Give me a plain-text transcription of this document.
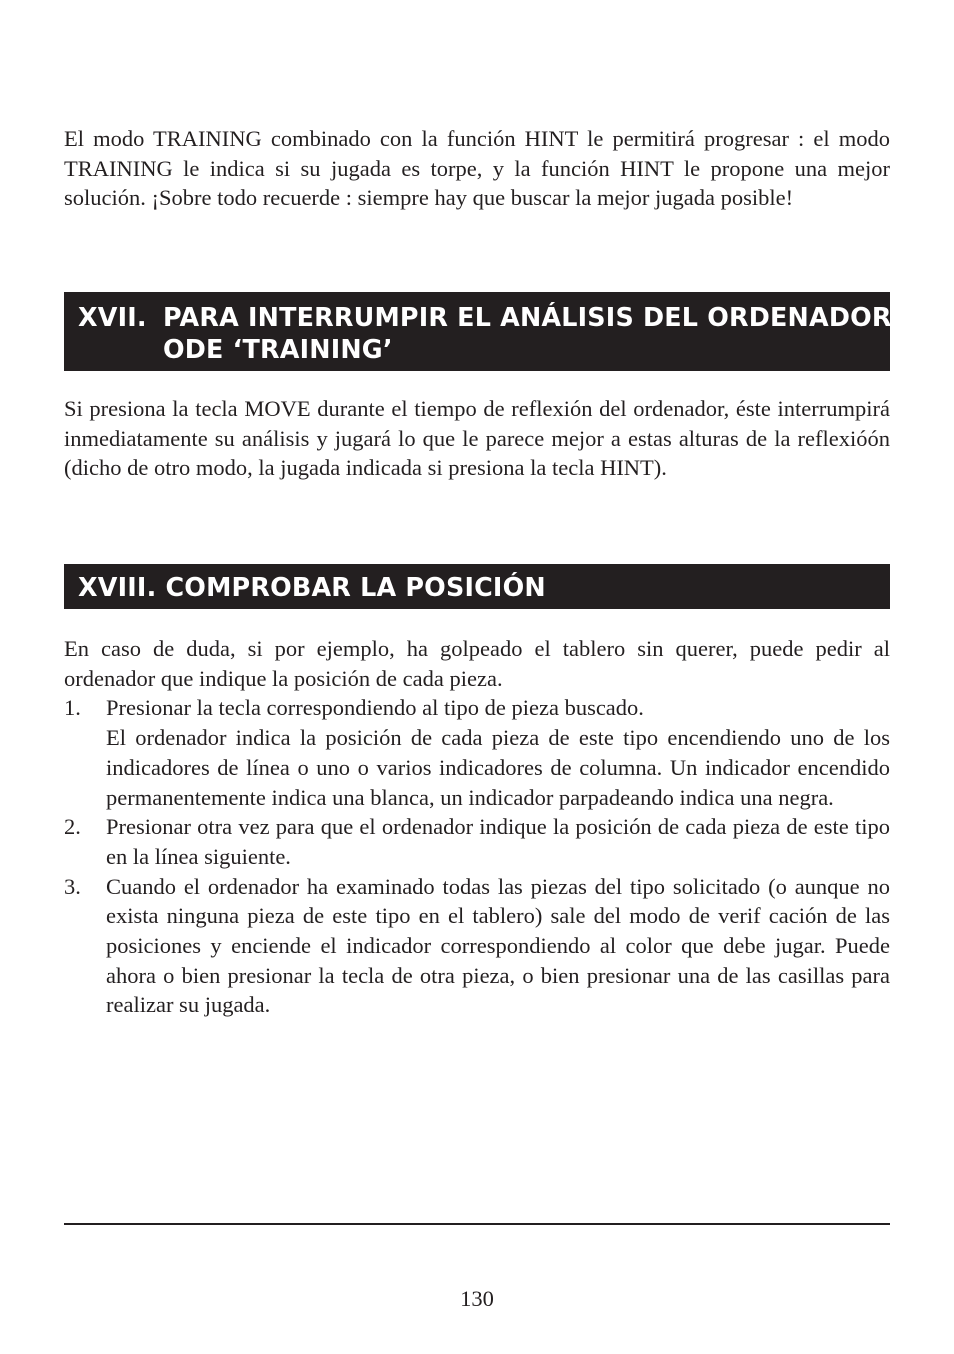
El modo TRAINING combinado con la función HINT le permitirá progresar : el modo TRAINING le indica si su jugada es torpe, y la función HINT le propone una mejor solución. ¡Sobre todo recuerde : siempre hay que buscar la mejor jugada posible!

XVII. PARA INTERRUMPIR EL ANÁLISIS DEL ORDENADOR
ODE ‘TRAINING’

Si presiona la tecla MOVE durante el tiempo de reflexión del ordenador, éste interrumpirá inmediatamente su análisis y jugará lo que le parece mejor a estas alturas de la reflexióón (dicho de otro modo, la jugada indicada si presiona la tecla HINT).

XVIII.
COMPROBAR LA POSICIÓN

En caso de duda, si por ejemplo, ha golpeado el tablero sin querer, puede pedir al ordenador que indique la posición de cada pieza.

1.	Presionar la tecla correspondiendo al tipo de pieza buscado.
El ordenador indica la posición de cada pieza de este tipo encendiendo uno de los indicadores de línea o uno o varios indicadores de columna. Un indicador encendido permanentemente indica una blanca, un indicador parpadeando indica una negra.
2.	Presionar otra vez para que el ordenador indique la posición de cada pieza de este tipo en la línea siguiente.
3.	Cuando el ordenador ha examinado todas las piezas del tipo solicitado (o aunque no exista ninguna pieza de este tipo en el tablero) sale del modo de verif cación de las posiciones y enciende el indicador correspondiendo al color que debe jugar. Puede ahora o bien presionar la tecla de otra pieza, o bien presionar una de las casillas para realizar su jugada.
130
